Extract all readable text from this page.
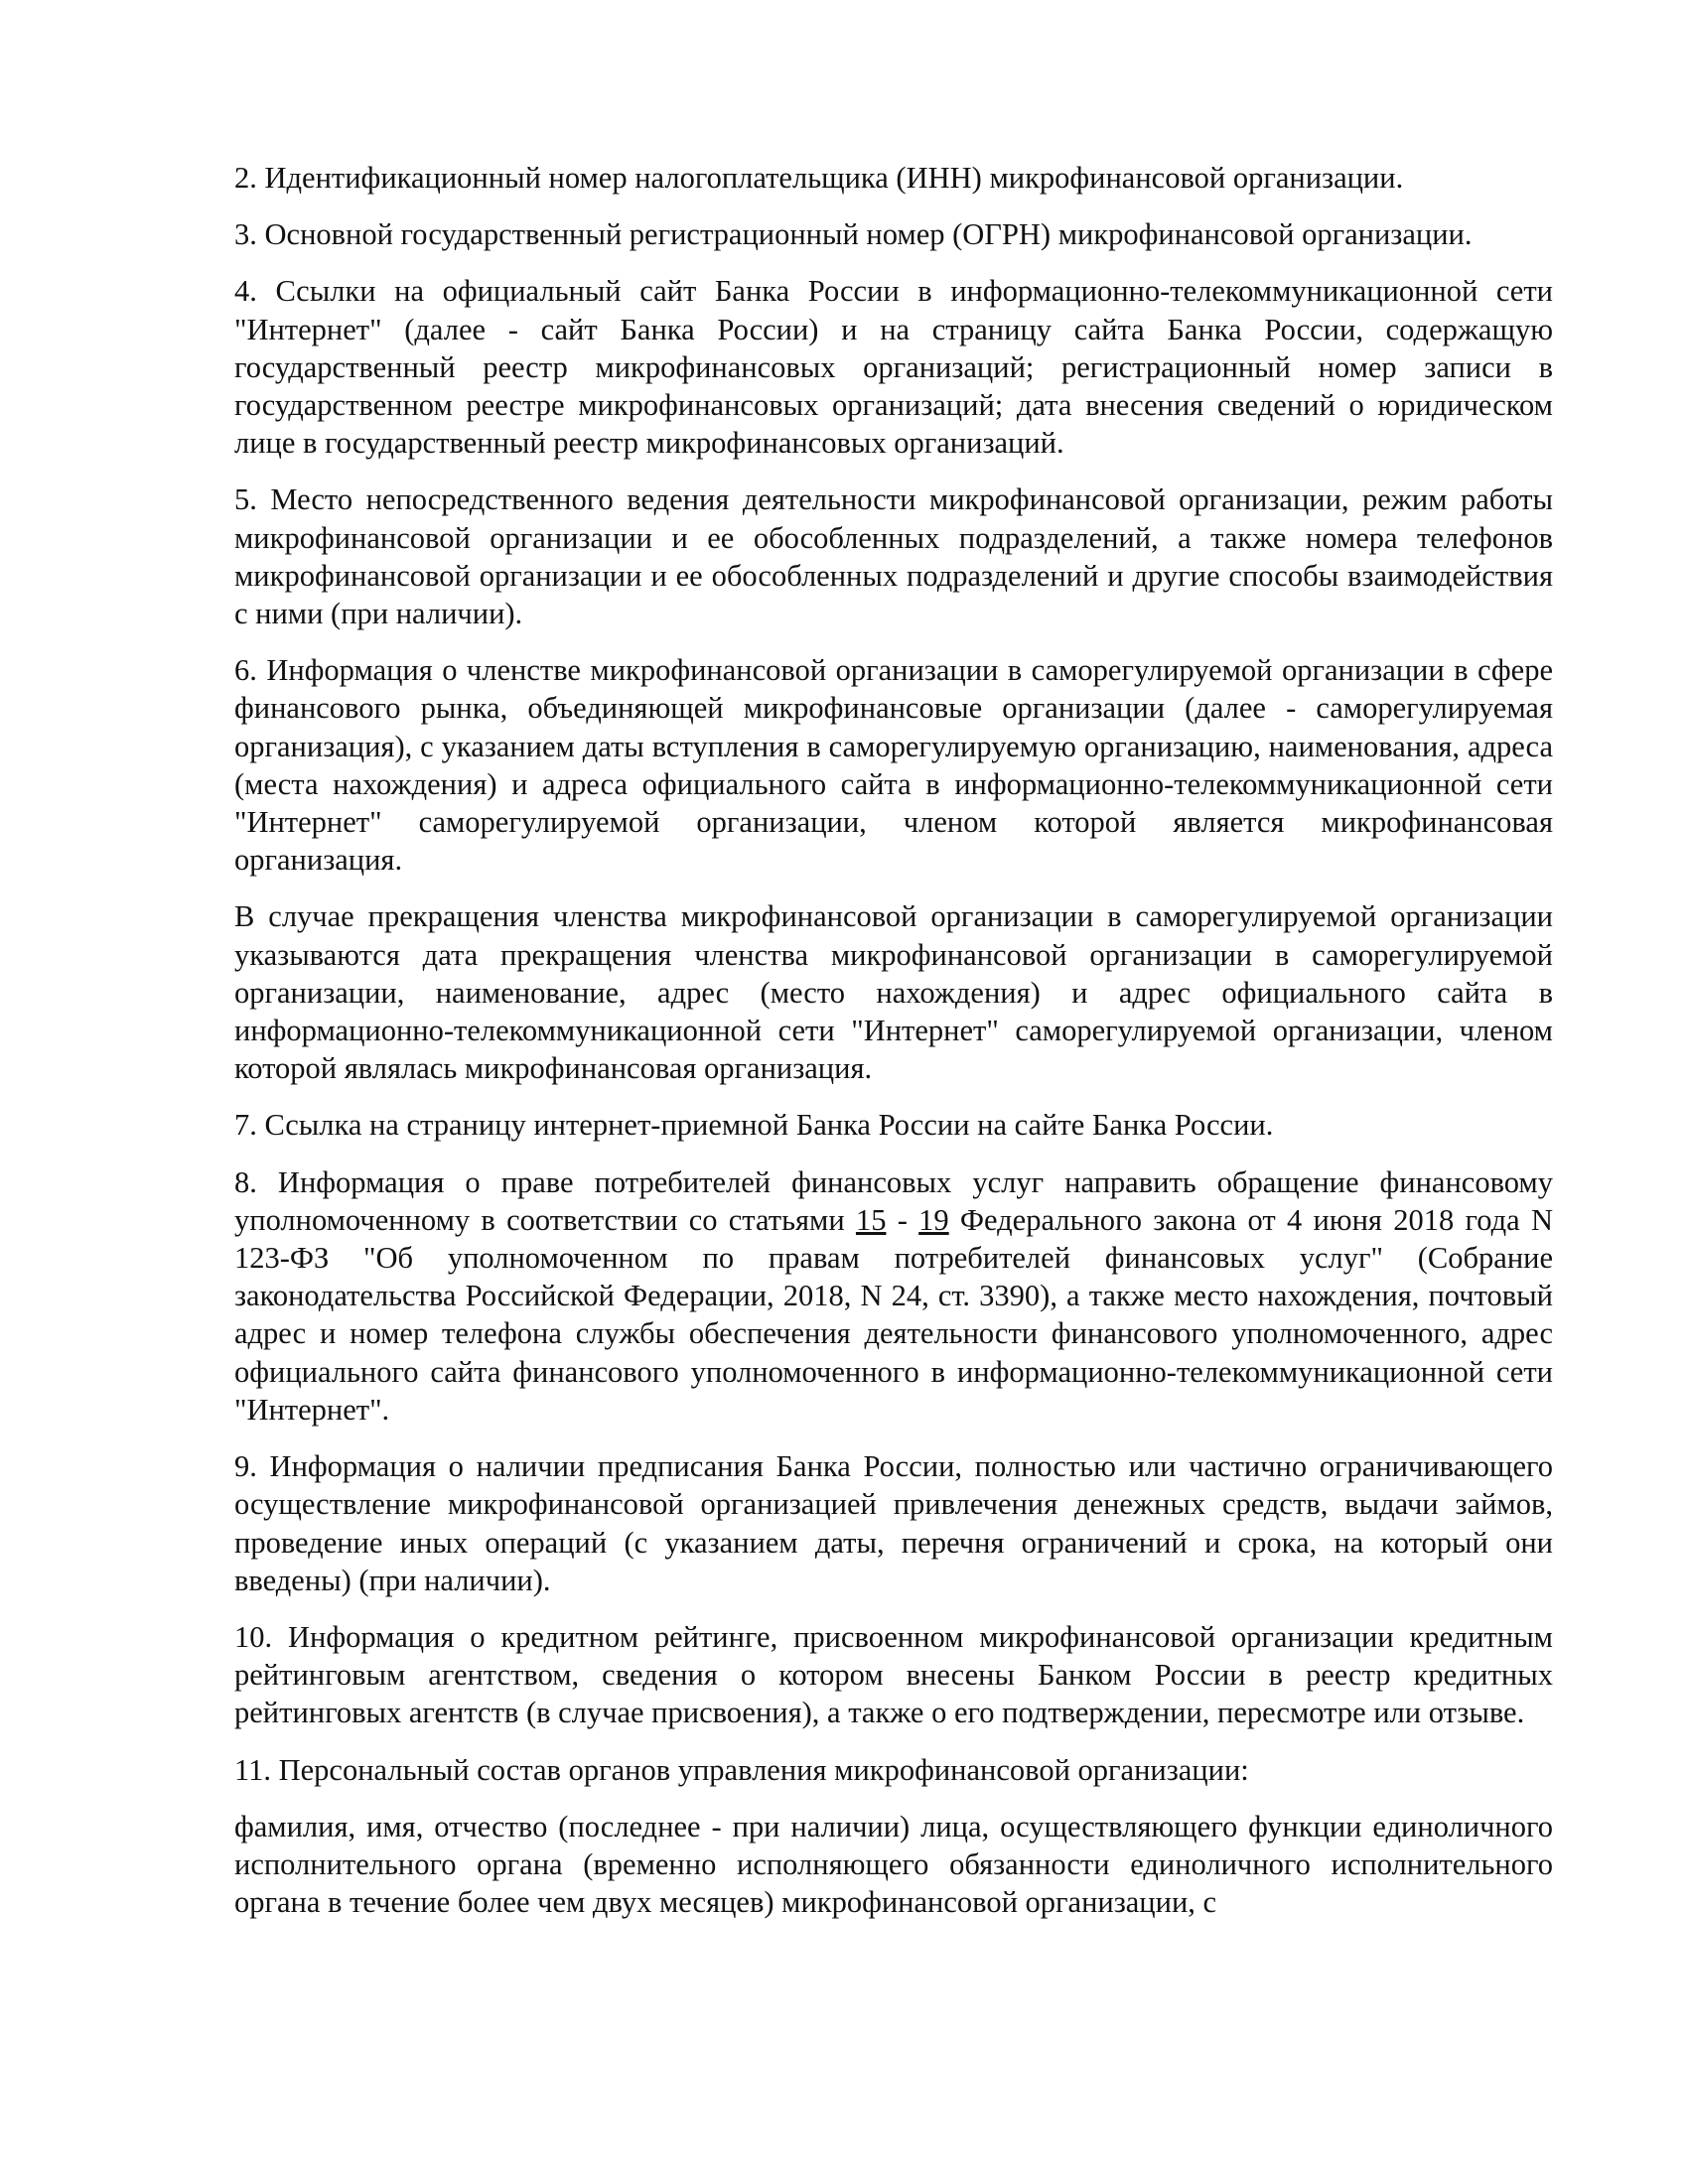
2. Идентификационный номер налогоплательщика (ИНН) микрофинансовой организации.

3. Основной государственный регистрационный номер (ОГРН) микрофинансовой организации.

4. Ссылки на официальный сайт Банка России в информационно-телекоммуникационной сети "Интернет" (далее - сайт Банка России) и на страницу сайта Банка России, содержащую государственный реестр микрофинансовых организаций; регистрационный номер записи в государственном реестре микрофинансовых организаций; дата внесения сведений о юридическом лице в государственный реестр микрофинансовых организаций.

5. Место непосредственного ведения деятельности микрофинансовой организации, режим работы микрофинансовой организации и ее обособленных подразделений, а также номера телефонов микрофинансовой организации и ее обособленных подразделений и другие способы взаимодействия с ними (при наличии).

6. Информация о членстве микрофинансовой организации в саморегулируемой организации в сфере финансового рынка, объединяющей микрофинансовые организации (далее - саморегулируемая организация), с указанием даты вступления в саморегулируемую организацию, наименования, адреса (места нахождения) и адреса официального сайта в информационно-телекоммуникационной сети "Интернет" саморегулируемой организации, членом которой является микрофинансовая организация.

В случае прекращения членства микрофинансовой организации в саморегулируемой организации указываются дата прекращения членства микрофинансовой организации в саморегулируемой организации, наименование, адрес (место нахождения) и адрес официального сайта в информационно-телекоммуникационной сети "Интернет" саморегулируемой организации, членом которой являлась микрофинансовая организация.

7. Ссылка на страницу интернет-приемной Банка России на сайте Банка России.

8. Информация о праве потребителей финансовых услуг направить обращение финансовому уполномоченному в соответствии со статьями 15 - 19 Федерального закона от 4 июня 2018 года N 123-ФЗ "Об уполномоченном по правам потребителей финансовых услуг" (Собрание законодательства Российской Федерации, 2018, N 24, ст. 3390), а также место нахождения, почтовый адрес и номер телефона службы обеспечения деятельности финансового уполномоченного, адрес официального сайта финансового уполномоченного в информационно-телекоммуникационной сети "Интернет".

9. Информация о наличии предписания Банка России, полностью или частично ограничивающего осуществление микрофинансовой организацией привлечения денежных средств, выдачи займов, проведение иных операций (с указанием даты, перечня ограничений и срока, на который они введены) (при наличии).

10. Информация о кредитном рейтинге, присвоенном микрофинансовой организации кредитным рейтинговым агентством, сведения о котором внесены Банком России в реестр кредитных рейтинговых агентств (в случае присвоения), а также о его подтверждении, пересмотре или отзыве.

11. Персональный состав органов управления микрофинансовой организации:

фамилия, имя, отчество (последнее - при наличии) лица, осуществляющего функции единоличного исполнительного органа (временно исполняющего обязанности единоличного исполнительного органа в течение более чем двух месяцев) микрофинансовой организации, с
